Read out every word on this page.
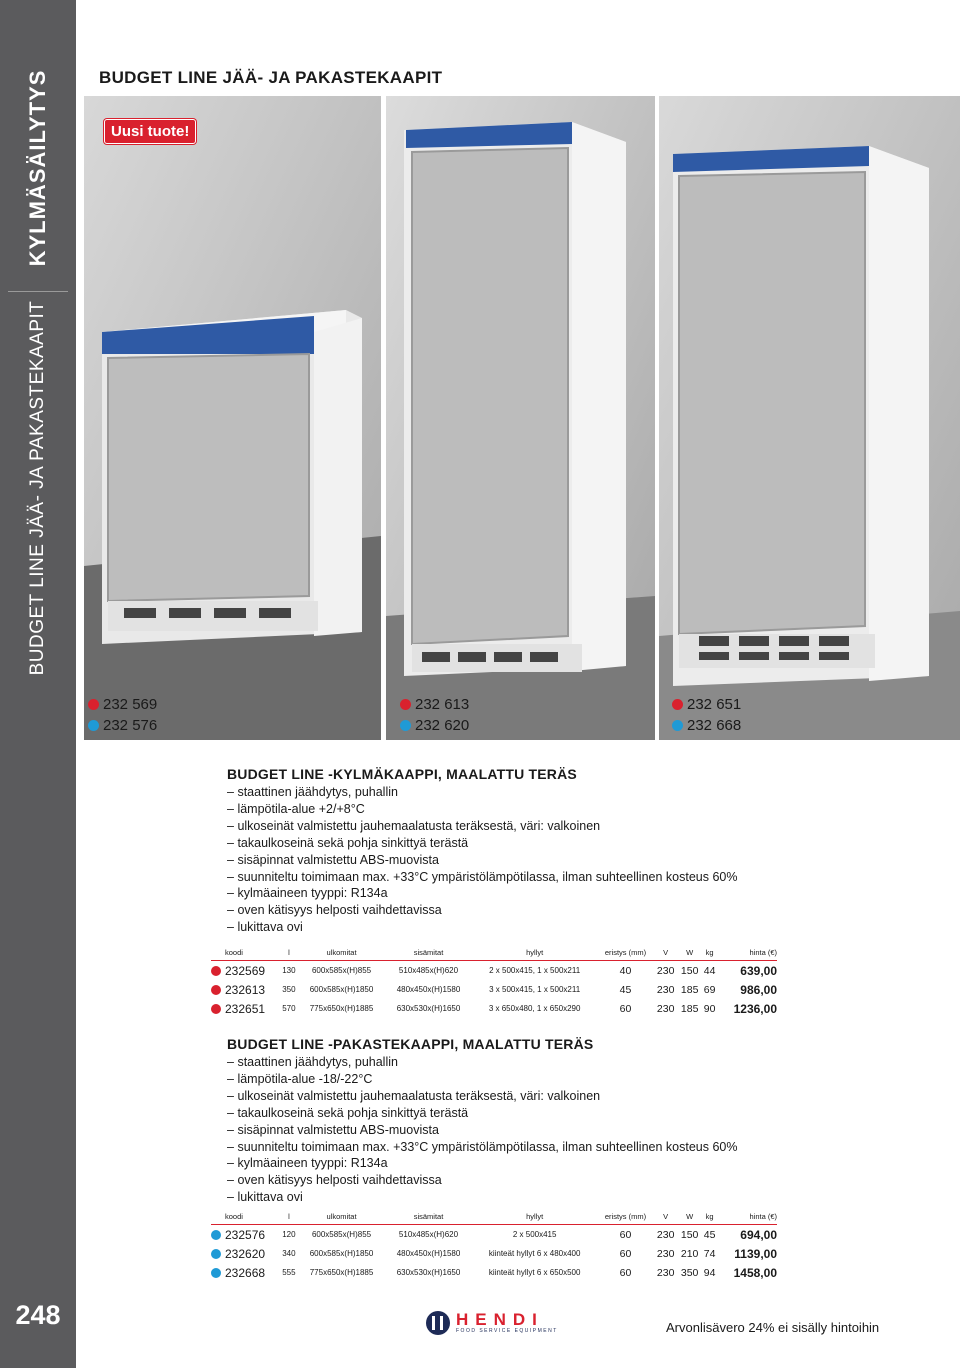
KYLMÄSÄILYTYS
BUDGET LINE JÄÄ- JA PAKASTEKAAPIT
248
BUDGET LINE JÄÄ- JA PAKASTEKAAPIT
232 569
232 576
232 613
232 620
232 651
232 668
Uusi tuote!
BUDGET LINE -KYLMÄKAAPPI, MAALATTU TERÄS
– staattinen jäähdytys, puhallin
– lämpötila-alue +2/+8°C
– ulkoseinät valmistettu jauhemaalatusta teräksestä, väri: valkoinen
– takaulkoseinä sekä pohja sinkittyä terästä
– sisäpinnat valmistettu ABS-muovista
– suunniteltu toimimaan max. +33°C ympäristölämpötilassa, ilman suhteellinen kosteus 60%
– kylmäaineen tyyppi: R134a
– oven kätisyys helposti vaihdettavissa
– lukittava ovi
	koodi	l	ulkomitat	sisämitat	hyllyt	eristys (mm)	V	W	kg	hinta (€)
	232569	130	600x585x(H)855	510x485x(H)620	2 x 500x415, 1 x 500x211	40	230	150	44	639,00
	232613	350	600x585x(H)1850	480x450x(H)1580	3 x 500x415, 1 x 500x211	45	230	185	69	986,00
	232651	570	775x650x(H)1885	630x530x(H)1650	3 x 650x480, 1 x 650x290	60	230	185	90	1236,00
BUDGET LINE -PAKASTEKAAPPI, MAALATTU TERÄS
– staattinen jäähdytys, puhallin
– lämpötila-alue -18/-22°C
– ulkoseinät valmistettu jauhemaalatusta teräksestä, väri: valkoinen
– takaulkoseinä sekä pohja sinkittyä terästä
– sisäpinnat valmistettu ABS-muovista
– suunniteltu toimimaan max. +33°C ympäristölämpötilassa, ilman suhteellinen kosteus 60%
– kylmäaineen tyyppi: R134a
– oven kätisyys helposti vaihdettavissa
– lukittava ovi
	koodi	l	ulkomitat	sisämitat	hyllyt	eristys (mm)	V	W	kg	hinta (€)
	232576	120	600x585x(H)855	510x485x(H)620	2 x 500x415	60	230	150	45	694,00
	232620	340	600x585x(H)1850	480x450x(H)1580	kiinteät hyllyt 6 x 480x400	60	230	210	74	1139,00
	232668	555	775x650x(H)1885	630x530x(H)1650	kiinteät hyllyt 6 x 650x500	60	230	350	94	1458,00
HENDI
FOOD SERVICE EQUIPMENT	Arvonlisävero 24% ei sisälly hintoihin
